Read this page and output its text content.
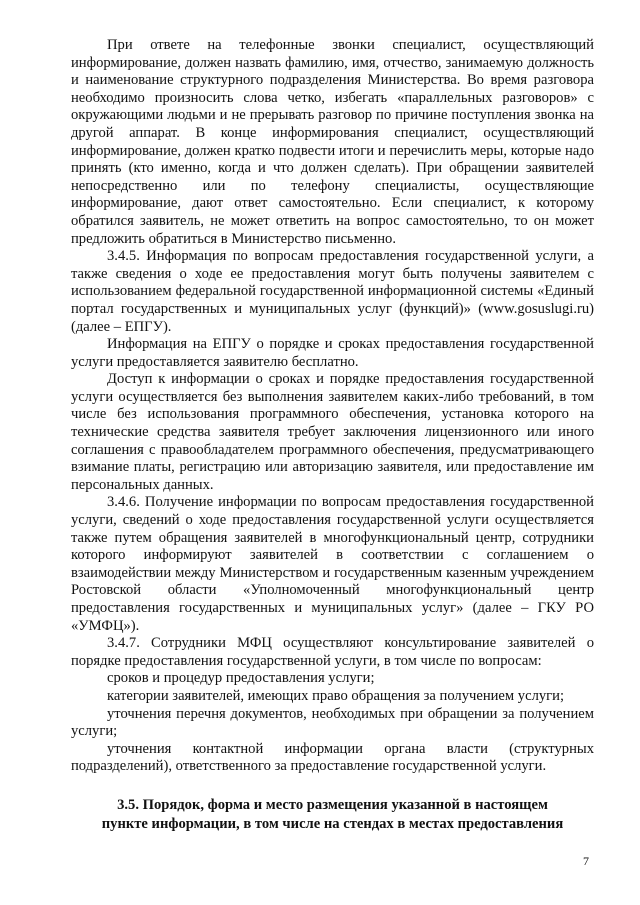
При ответе на телефонные звонки специалист, осуществляющий информирование, должен назвать фамилию, имя, отчество, занимаемую должность и наименование структурного подразделения Министерства. Во время разговора необходимо произносить слова четко, избегать «параллельных разговоров» с окружающими людьми и не прерывать разговор по причине поступления звонка на другой аппарат. В конце информирования специалист, осуществляющий информирование, должен кратко подвести итоги и перечислить меры, которые надо принять (кто именно, когда и что должен сделать). При обращении заявителей непосредственно или по телефону специалисты, осуществляющие информирование, дают ответ самостоятельно. Если специалист, к которому обратился заявитель, не может ответить на вопрос самостоятельно, то он может предложить обратиться в Министерство письменно.

3.4.5. Информация по вопросам предоставления государственной услуги, а также сведения о ходе ее предоставления могут быть получены заявителем с использованием федеральной государственной информационной системы «Единый портал государственных и муниципальных услуг (функций)» (www.gosuslugi.ru) (далее – ЕПГУ).

Информация на ЕПГУ о порядке и сроках предоставления государственной услуги предоставляется заявителю бесплатно.

Доступ к информации о сроках и порядке предоставления государственной услуги осуществляется без выполнения заявителем каких-либо требований, в том числе без использования программного обеспечения, установка которого на технические средства заявителя требует заключения лицензионного или иного соглашения с правообладателем программного обеспечения, предусматривающего взимание платы, регистрацию или авторизацию заявителя, или предоставление им персональных данных.

3.4.6. Получение информации по вопросам предоставления государственной услуги, сведений о ходе предоставления государственной услуги осуществляется также путем обращения заявителей в многофункциональный центр, сотрудники которого информируют заявителей в соответствии с соглашением о взаимодействии между Министерством и государственным казенным учреждением Ростовской области «Уполномоченный многофункциональный центр предоставления государственных и муниципальных услуг» (далее – ГКУ РО «УМФЦ»).

3.4.7. Сотрудники МФЦ осуществляют консультирование заявителей о порядке предоставления государственной услуги, в том числе по вопросам:

сроков и процедур предоставления услуги;

категории заявителей, имеющих право обращения за получением услуги;

уточнения перечня документов, необходимых при обращении за получением услуги;

уточнения контактной информации органа власти (структурных подразделений), ответственного за предоставление государственной услуги.

3.5. Порядок, форма и место размещения указанной в настоящем
пункте информации, в том числе на стендах в местах предоставления
7
